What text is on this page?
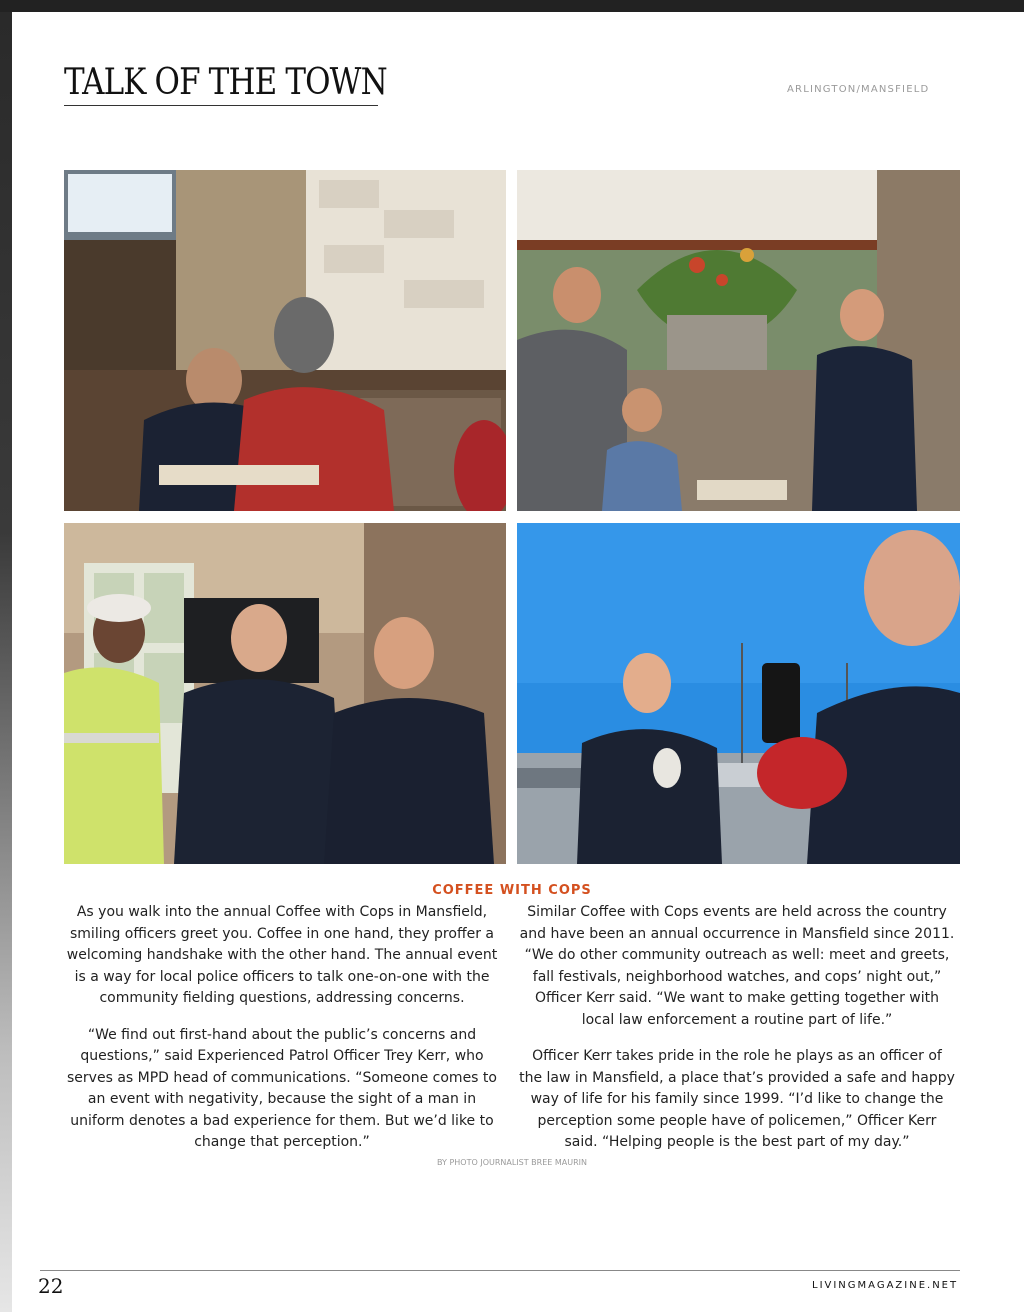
TALK OF THE TOWN	ARLINGTON/MANSFIELD
COFFEE WITH COPS

As you walk into the annual Coffee with Cops in Mansfield, smiling officers greet you. Coffee in one hand, they proffer a welcoming handshake with the other hand. The annual event is a way for local police officers to talk one-on-one with the community fielding questions, addressing concerns.

“We find out first-hand about the public’s concerns and questions,” said Experienced Patrol Officer Trey Kerr, who serves as MPD head of communications. “Someone comes to an event with negativity, because the sight of a man in uniform denotes a bad experience for them. But we’d like to change that perception.”

Similar Coffee with Cops events are held across the country and have been an annual occurrence in Mansfield since 2011. “We do other community outreach as well: meet and greets, fall festivals, neighborhood watches, and cops’ night out,” Officer Kerr said. “We want to make getting together with local law enforcement a routine part of life.”

Officer Kerr takes pride in the role he plays as an officer of the law in Mansfield, a place that’s provided a safe and happy way of life for his family since 1999. “I’d like to change the perception some people have of policemen,” Officer Kerr said. “Helping people is the best part of my day.”

BY PHOTO JOURNALIST BREE MAURIN
22	LIVINGMAGAZINE.NET
